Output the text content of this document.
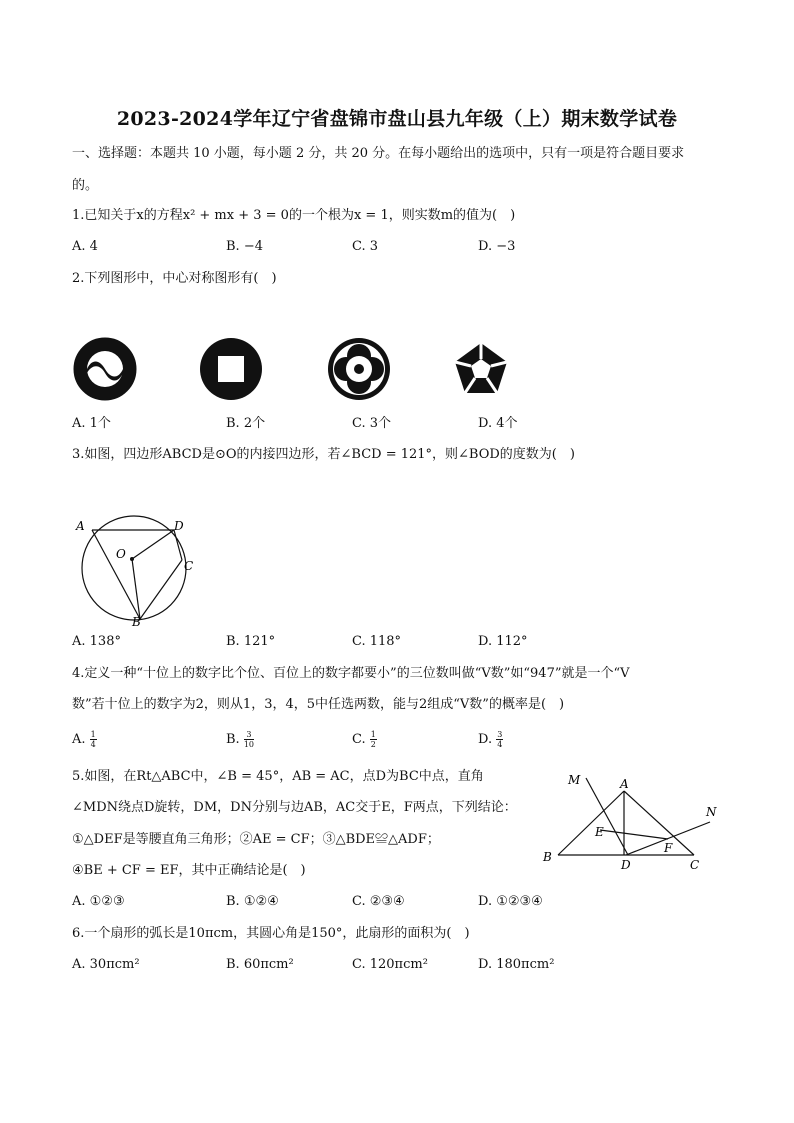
2023-2024学年辽宁省盘锦市盘山县九年级（上）期末数学试卷
一、选择题：本题共 10 小题，每小题 2 分，共 20 分。在每小题给出的选项中，只有一项是符合题目要求
的。
1.已知关于x的方程x² + mx + 3 = 0的一个根为x = 1，则实数m的值为(　)
A. 4	B. −4	C. 3	D. −3
2.下列图形中，中心对称图形有(　)
A. 1个	B. 2个	C. 3个	D. 4个
3.如图，四边形ABCD是⊙O的内接四边形，若∠BCD = 121°，则∠BOD的度数为(　)
A	D
O
C
B
A. 138°	B. 121°	C. 118°	D. 112°
4.定义一种“十位上的数字比个位、百位上的数字都要小”的三位数叫做“V数”如“947”就是一个“V
数”若十位上的数字为2，则从1，3，4，5中任选两数，能与2组成“V数”的概率是(　)
A. $\frac{1}{4}$	B. $\frac{3}{10}$	C. $\frac{1}{2}$	D. $\frac{3}{4}$
5.如图，在Rt△ABC中，∠B = 45°，AB = AC，点D为BC中点，直角
∠MDN绕点D旋转，DM，DN分别与边AB，AC交于E，F两点，下列结论：
①△DEF是等腰直角三角形；②AE = CF；③△BDE≌△ADF；
④BE + CF = EF，其中正确结论是(　)
M	A
N
E
F
B
D	C
A. ①②③	B. ①②④	C. ②③④	D. ①②③④
6.一个扇形的弧长是10πcm，其圆心角是150°，此扇形的面积为(　)
A. 30πcm²	B. 60πcm²	C. 120πcm²	D. 180πcm²
